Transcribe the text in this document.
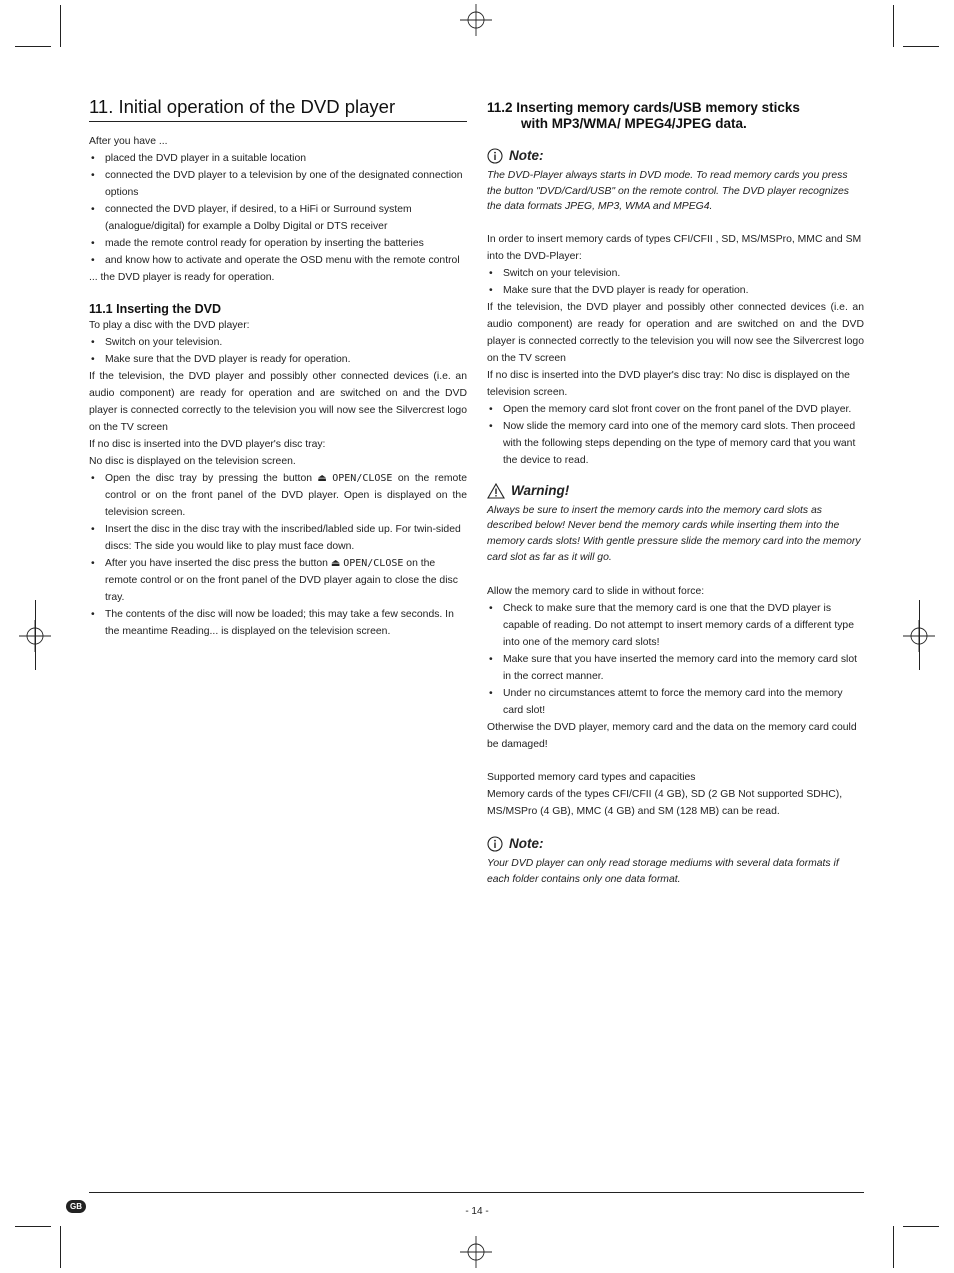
11. Initial operation of the DVD player

After you have ...

• placed the DVD player in a suitable location
• connected the DVD player to a television by one of the designated connection options
• connected the DVD player, if desired, to a HiFi or Surround system (analogue/digital) for example a Dolby Digital or DTS receiver
• made the remote control ready for operation by inserting the batteries
• and know how to activate and operate the OSD menu with the remote control

... the DVD player is ready for operation.

11.1 Inserting the DVD

To play a disc with the DVD player:

• Switch on your television.
• Make sure that the DVD player is ready for operation.

If the television, the DVD player and possibly other connected devices (i.e. an audio component) are ready for operation and are switched on and the DVD player is connected correctly to the television you will now see the Silvercrest logo on the TV screen

If no disc is inserted into the DVD player's disc tray:

No disc is displayed on the television screen.

• Open the disc tray by pressing the button ⏏ OPEN/CLOSE on the remote control or on the front panel of the DVD player. Open is displayed on the television screen.
• Insert the disc in the disc tray with the inscribed/labled side up. For twin-sided discs: The side you would like to play must face down.
• After you have inserted the disc press the button ⏏ OPEN/CLOSE on the remote control or on the front panel of the DVD player again to close the disc tray.
• The contents of the disc will now be loaded; this may take a few seconds. In the meantime Reading... is displayed on the television screen.
11.2 Inserting memory cards/USB memory sticks
with MP3/WMA/ MPEG4/JPEG data.
Note:
The DVD-Player always starts in DVD mode. To read memory cards you press the button "DVD/Card/USB" on the remote control. The DVD player recognizes the data formats JPEG, MP3, WMA and MPEG4.

In order to insert memory cards of types CFI/CFII , SD, MS/MSPro, MMC and SM into the DVD-Player:

• Switch on your television.
• Make sure that the DVD player is ready for operation.

If the television, the DVD player and possibly other connected devices (i.e. an audio component) are ready for operation and are switched on and the DVD player is connected correctly to the television you will now see the Silvercrest logo on the TV screen

If no disc is inserted into the DVD player's disc tray: No disc is displayed on the television screen.

• Open the memory card slot front cover on the front panel of the DVD player.
• Now slide the memory card into one of the memory card slots. Then proceed with the following steps depending on the type of memory card that you want the device to read.
Warning!
Always be sure to insert the memory cards into the memory card slots as described below! Never bend the memory cards while inserting them into the memory cards slots! With gentle pressure slide the memory card into the memory card slot as far as it will go.

Allow the memory card to slide in without force:

• Check to make sure that the memory card is one that the DVD player is capable of reading. Do not attempt to insert memory cards of a different type into one of the memory card slots!
• Make sure that you have inserted the memory card into the memory card slot in the correct manner.
• Under no circumstances attemt to force the memory card into the memory card slot!

Otherwise the DVD player, memory card and the data on the memory card could be damaged!

Supported memory card types and capacities

Memory cards of the types CFI/CFII (4 GB), SD (2 GB Not supported SDHC), MS/MSPro (4 GB), MMC (4 GB) and SM (128 MB) can be read.

Note:
Your DVD player can only read storage mediums with several data formats if each folder contains only one data format.
GB	- 14 -
